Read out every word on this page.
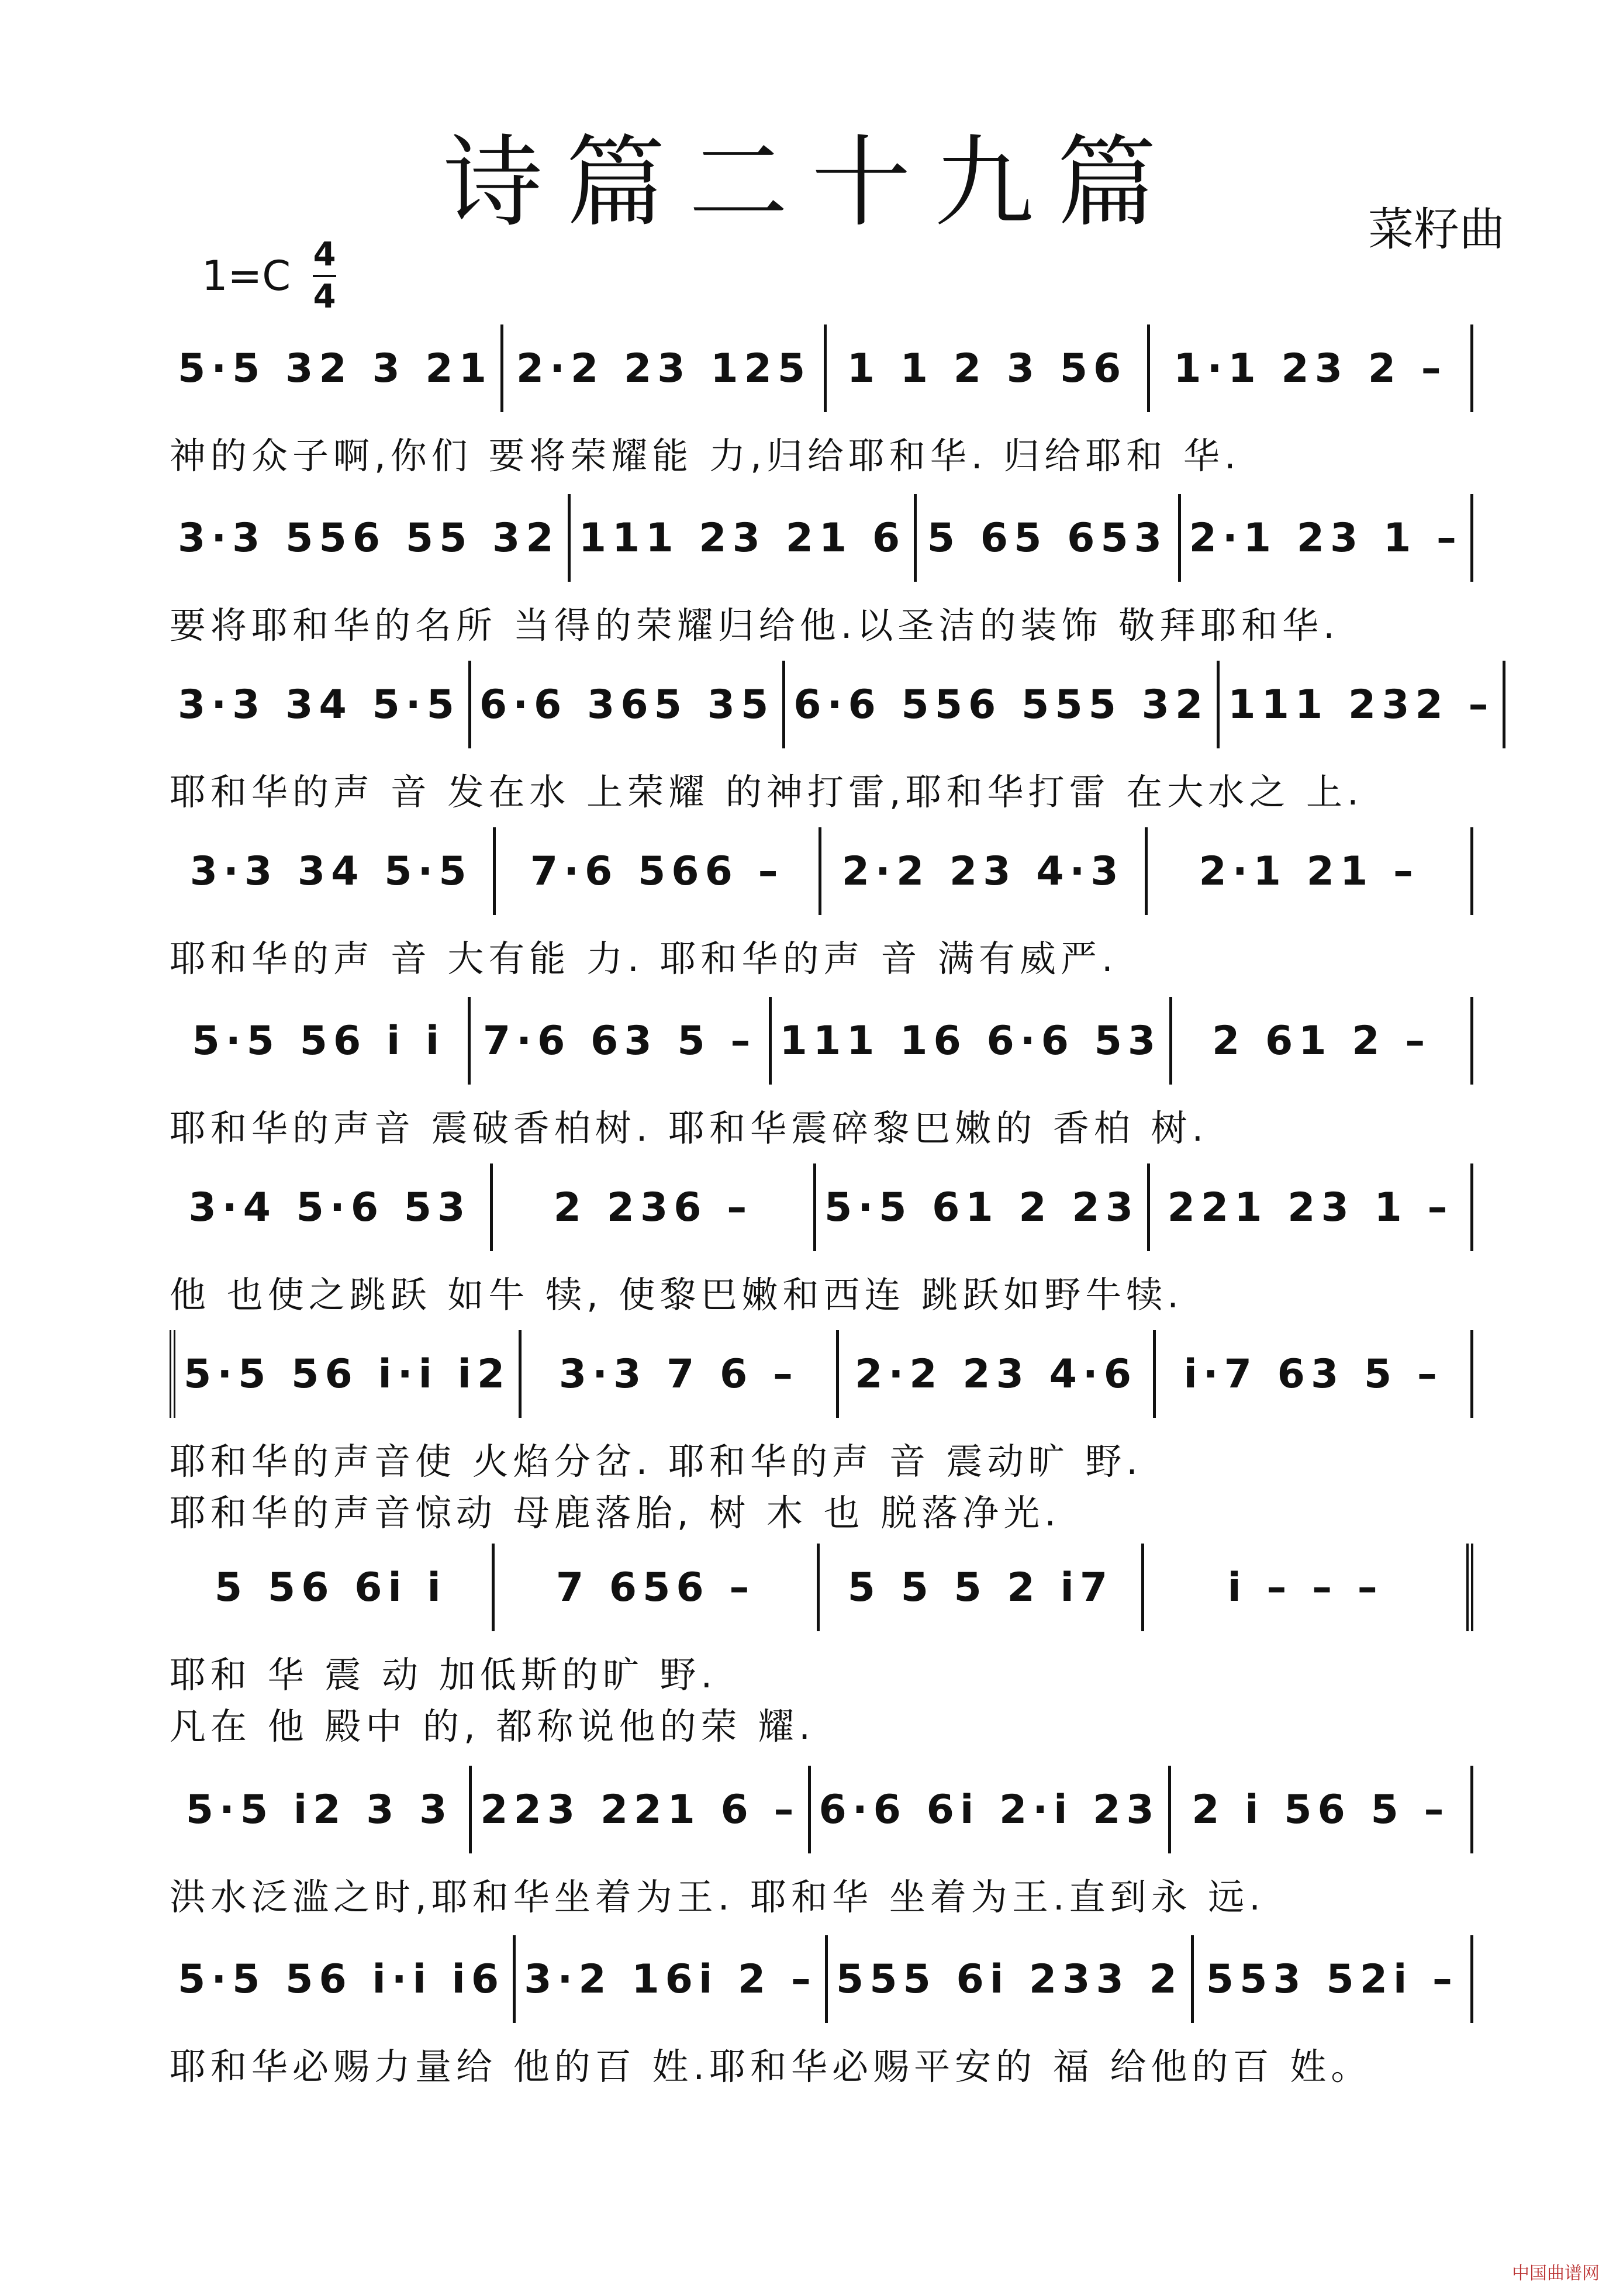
诗篇二十九篇	菜籽曲
1=C 4
4
5·5 32 3 21 2·2 23 125 1 1 2 3 56 1·1 23 2 –
神的众子啊,你们 要将荣耀能 力,归给耶和华. 归给耶和 华.
3·3 556 55 32 111 23 21 6 5 65 653 2·1 23 1 –
要将耶和华的名所 当得的荣耀归给他.以圣洁的装饰 敬拜耶和华.
3·3 34 5·5 6·6 365 35 6·6 556 555 32 111 232 –
耶和华的声 音 发在水 上荣耀 的神打雷,耶和华打雷 在大水之 上.
3·3 34 5·5 7·6 566 – 2·2 23 4·3 2·1 21 –
耶和华的声 音 大有能 力. 耶和华的声 音 满有威严.
5·5 56 i i 7·6 63 5 – 111 16 6·6 53 2 61 2 –
耶和华的声音 震破香柏树. 耶和华震碎黎巴嫩的 香柏 树.
3·4 5·6 53 2 236 – 5·5 61 2 23 221 23 1 –
他 也使之跳跃 如牛 犊, 使黎巴嫩和西连 跳跃如野牛犊.
5·5 56 i·i i2 3·3 7 6 – 2·2 23 4·6 i·7 63 5 –
耶和华的声音使 火焰分岔. 耶和华的声 音 震动旷 野.
耶和华的声音惊动 母鹿落胎, 树 木 也 脱落净光.
5 56 6i i	7 656 – 5 5 5 2 i7	i – – –
耶和 华 震 动 加低斯的旷 野.
凡在 他 殿中 的, 都称说他的荣 耀.
5·5 i2 3 3 223 221 6 – 6·6 6i 2·i 23 2 i 56 5 –
洪水泛滥之时,耶和华坐着为王. 耶和华 坐着为王.直到永 远.
5·5 56 i·i i6 3·2 16i 2 – 555 6i 233 2 553 52i –
耶和华必赐力量给 他的百 姓.耶和华必赐平安的 福 给他的百 姓。
中国曲谱网
